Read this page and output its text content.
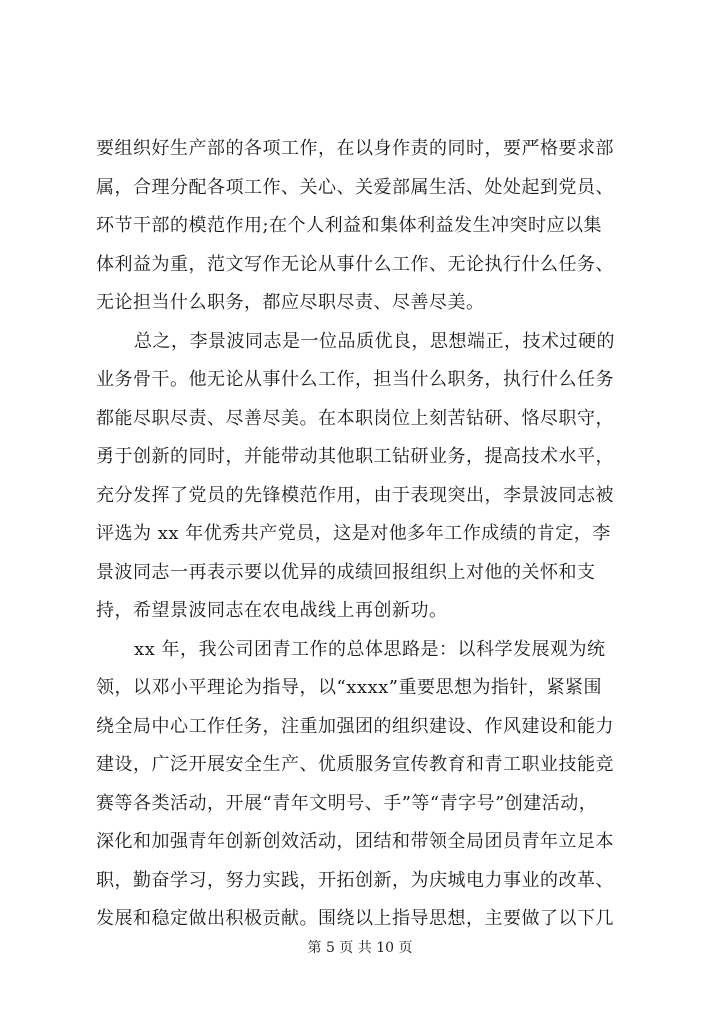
要组织好生产部的各项工作，在以身作责的同时，要严格要求部
属，合理分配各项工作、关心、关爱部属生活、处处起到党员、
环节干部的模范作用;在个人利益和集体利益发生冲突时应以集
体利益为重，范文写作无论从事什么工作、无论执行什么任务、
无论担当什么职务，都应尽职尽责、尽善尽美。
总之，李景波同志是一位品质优良，思想端正，技术过硬的
业务骨干。他无论从事什么工作，担当什么职务，执行什么任务
都能尽职尽责、尽善尽美。在本职岗位上刻苦钻研、恪尽职守，
勇于创新的同时，并能带动其他职工钻研业务，提高技术水平，
充分发挥了党员的先锋模范作用，由于表现突出，李景波同志被
评选为 xx 年优秀共产党员，这是对他多年工作成绩的肯定，李
景波同志一再表示要以优异的成绩回报组织上对他的关怀和支
持，希望景波同志在农电战线上再创新功。
xx 年，我公司团青工作的总体思路是：以科学发展观为统
领，以邓小平理论为指导，以“xxxx”重要思想为指针，紧紧围
绕全局中心工作任务，注重加强团的组织建设、作风建设和能力
建设，广泛开展安全生产、优质服务宣传教育和青工职业技能竞
赛等各类活动，开展“青年文明号、手”等“青字号”创建活动，
深化和加强青年创新创效活动，团结和带领全局团员青年立足本
职，勤奋学习，努力实践，开拓创新，为庆城电力事业的改革、
发展和稳定做出积极贡献。围绕以上指导思想，主要做了以下几
第 5 页 共 10 页
